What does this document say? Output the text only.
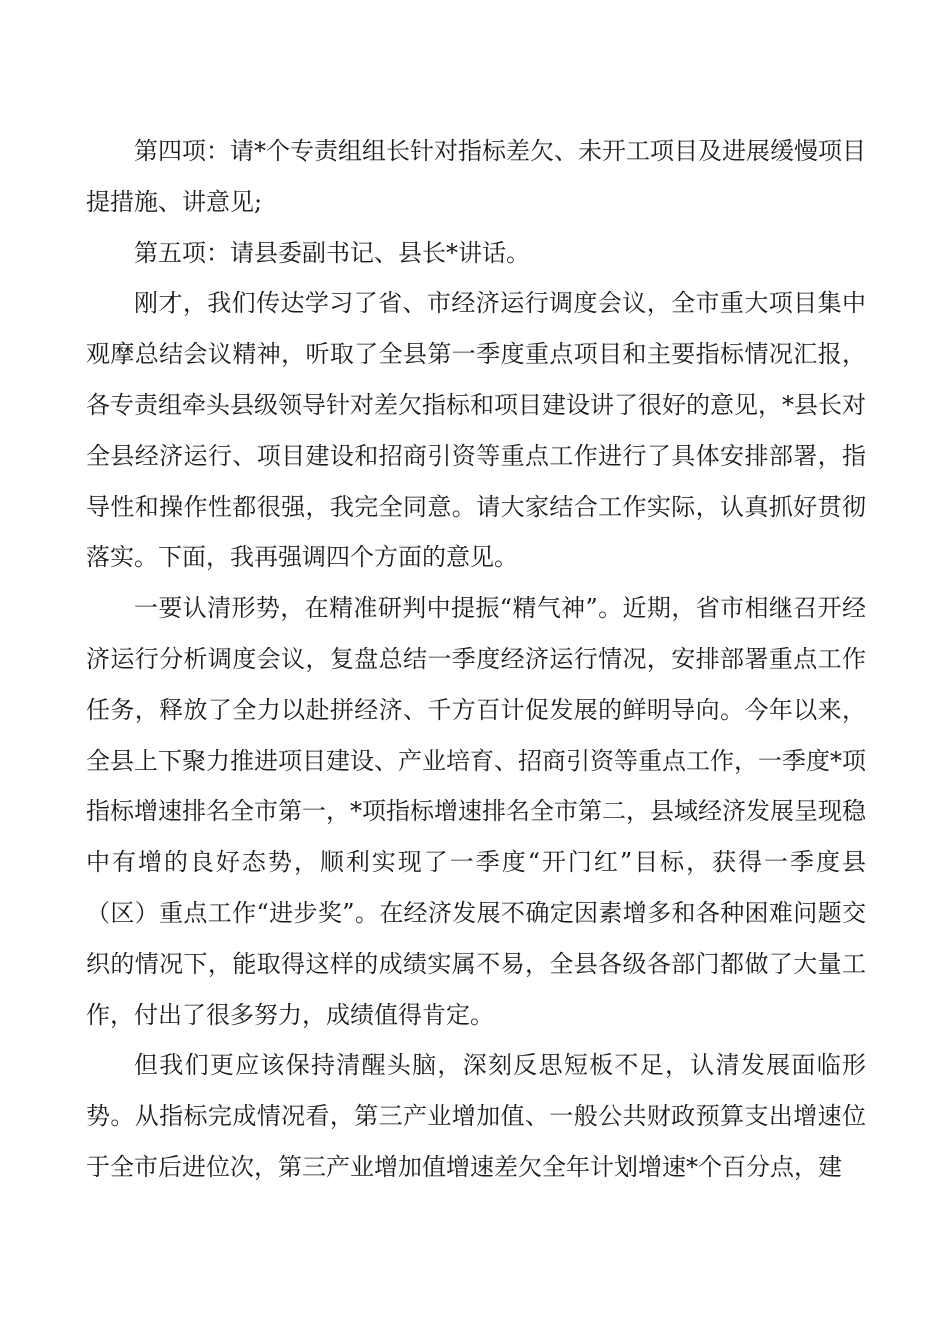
第四项：请*个专责组组长针对指标差欠、未开工项目及进展缓慢项目提措施、讲意见;

第五项：请县委副书记、县长*讲话。

刚才，我们传达学习了省、市经济运行调度会议，全市重大项目集中观摩总结会议精神，听取了全县第一季度重点项目和主要指标情况汇报，各专责组牵头县级领导针对差欠指标和项目建设讲了很好的意见，*县长对全县经济运行、项目建设和招商引资等重点工作进行了具体安排部署，指导性和操作性都很强，我完全同意。请大家结合工作实际，认真抓好贯彻落实。下面，我再强调四个方面的意见。

一要认清形势，在精准研判中提振“精气神”。近期，省市相继召开经济运行分析调度会议，复盘总结一季度经济运行情况，安排部署重点工作任务，释放了全力以赴拼经济、千方百计促发展的鲜明导向。今年以来，全县上下聚力推进项目建设、产业培育、招商引资等重点工作，一季度*项指标增速排名全市第一，*项指标增速排名全市第二，县域经济发展呈现稳中有增的良好态势，顺利实现了一季度“开门红”目标，获得一季度县（区）重点工作“进步奖”。在经济发展不确定因素增多和各种困难问题交织的情况下，能取得这样的成绩实属不易，全县各级各部门都做了大量工作，付出了很多努力，成绩值得肯定。

但我们更应该保持清醒头脑，深刻反思短板不足，认清发展面临形势。从指标完成情况看，第三产业增加值、一般公共财政预算支出增速位于全市后进位次，第三产业增加值增速差欠全年计划增速*个百分点，建
